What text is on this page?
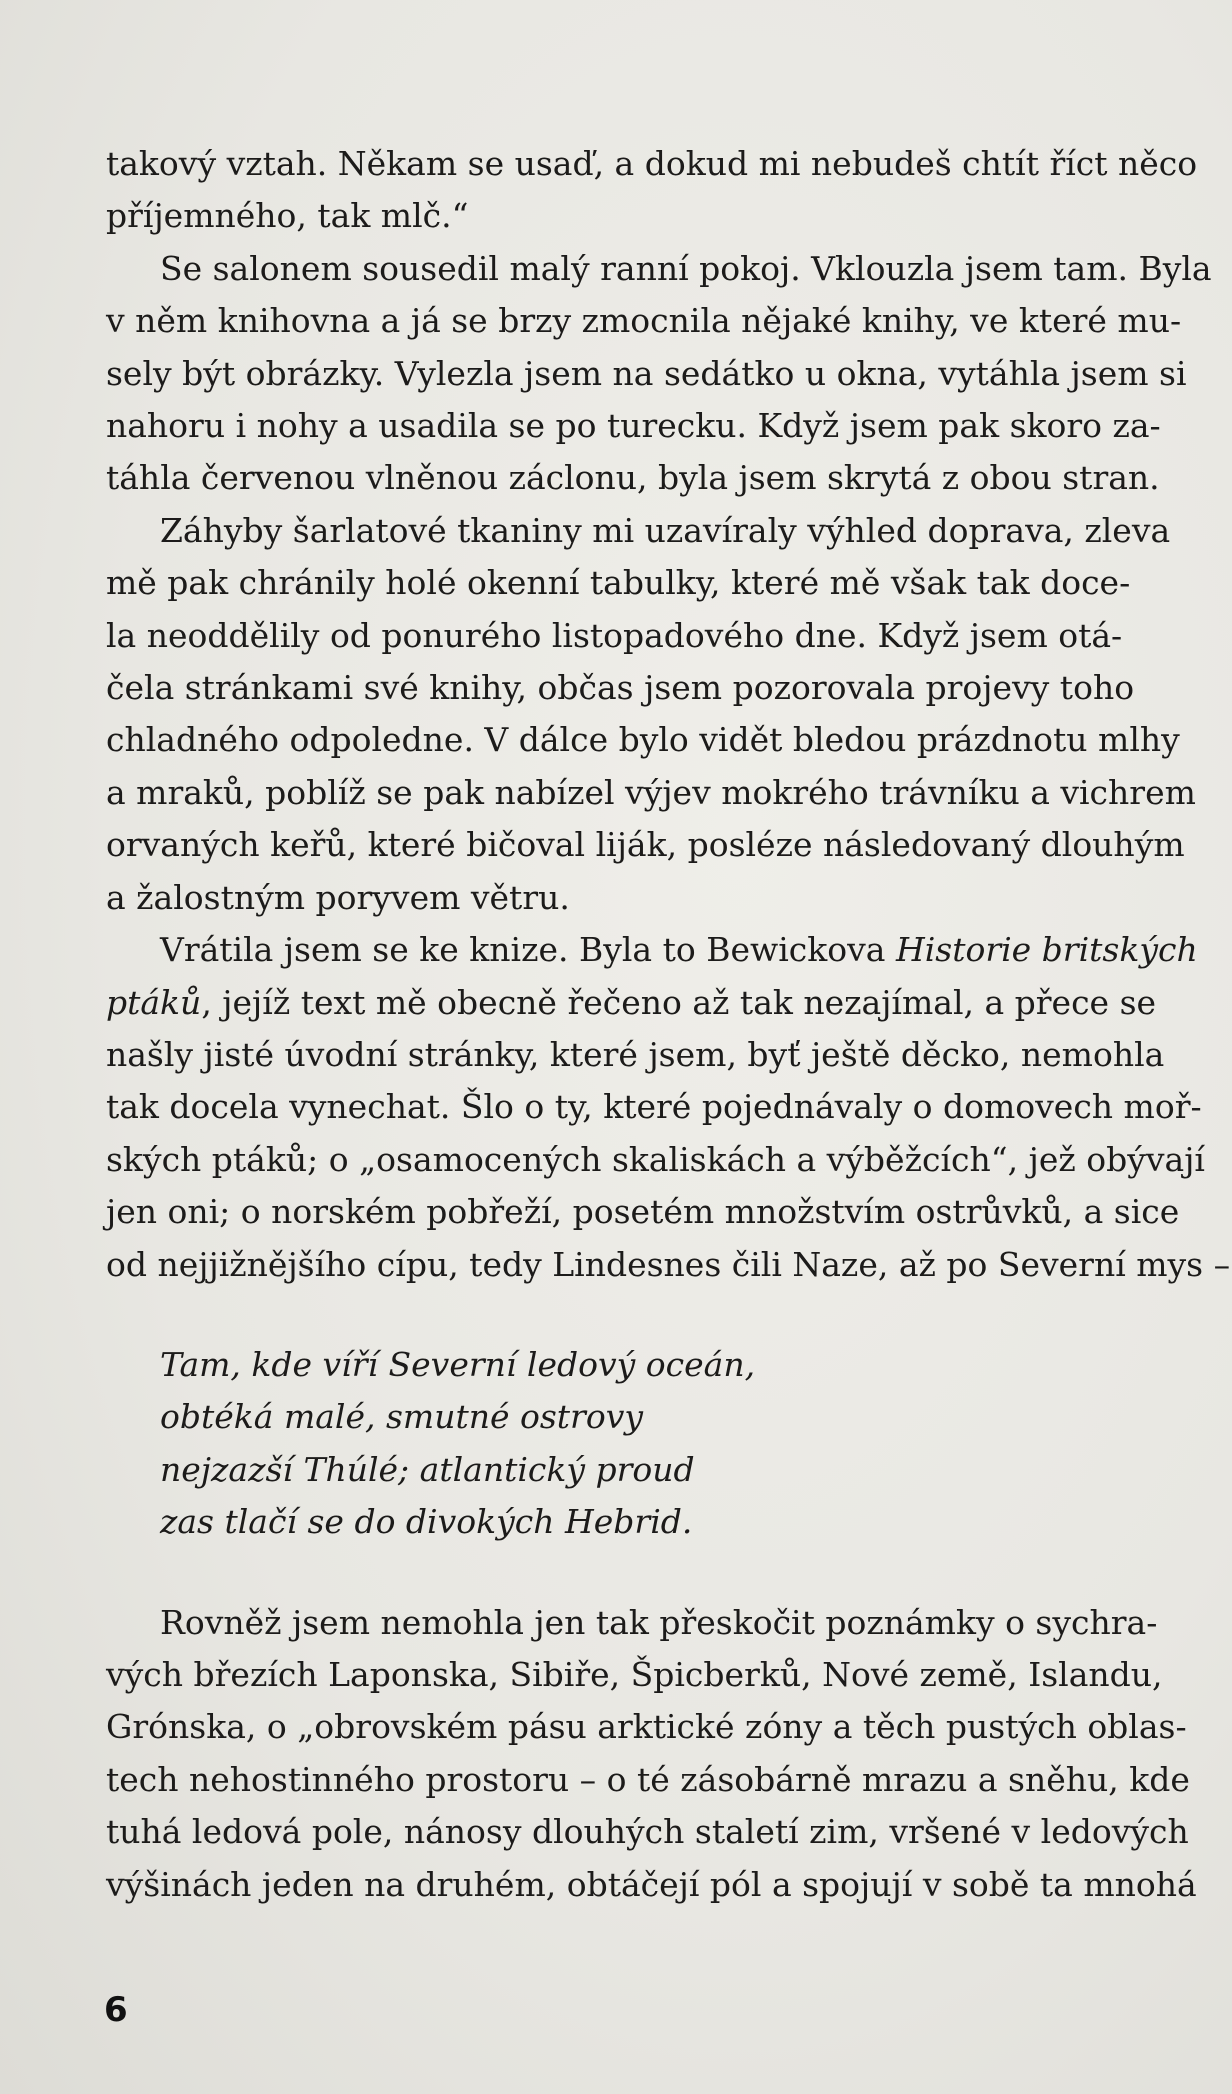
takový vztah. Někam se usaď, a dokud mi nebudeš chtít říct něco
příjemného, tak mlč.“

Se salonem sousedil malý ranní pokoj. Vklouzla jsem tam. Byla
v něm knihovna a já se brzy zmocnila nějaké knihy, ve které mu-
sely být obrázky. Vylezla jsem na sedátko u okna, vytáhla jsem si
nahoru i nohy a usadila se po turecku. Když jsem pak skoro za-
táhla červenou vlněnou záclonu, byla jsem skrytá z obou stran.

Záhyby šarlatové tkaniny mi uzavíraly výhled doprava, zleva
mě pak chránily holé okenní tabulky, které mě však tak doce-
la neoddělily od ponurého listopadového dne. Když jsem otá-
čela stránkami své knihy, občas jsem pozorovala projevy toho
chladného odpoledne. V dálce bylo vidět bledou prázdnotu mlhy
a mraků, poblíž se pak nabízel výjev mokrého trávníku a vichrem
orvaných keřů, které bičoval liják, posléze následovaný dlouhým
a žalostným poryvem větru.

Vrátila jsem se ke knize. Byla to Bewickova Historie britských
ptáků, jejíž text mě obecně řečeno až tak nezajímal, a přece se
našly jisté úvodní stránky, které jsem, byť ještě děcko, nemohla
tak docela vynechat. Šlo o ty, které pojednávaly o domovech moř-
ských ptáků; o „osamocených skaliskách a výběžcích“, jež obývají
jen oni; o norském pobřeží, posetém množstvím ostrůvků, a sice
od nejjižnějšího cípu, tedy Lindesnes čili Naze, až po Severní mys –

Tam, kde víří Severní ledový oceán,
obtéká malé, smutné ostrovy
nejzazší Thúlé; atlantický proud
zas tlačí se do divokých Hebrid.

Rovněž jsem nemohla jen tak přeskočit poznámky o sychra-
vých březích Laponska, Sibiře, Špicberků, Nové země, Islandu,
Grónska, o „obrovském pásu arktické zóny a těch pustých oblas-
tech nehostinného prostoru – o té zásobárně mrazu a sněhu, kde
tuhá ledová pole, nánosy dlouhých staletí zim, vršené v ledových
výšinách jeden na druhém, obtáčejí pól a spojují v sobě ta mnohá

6
